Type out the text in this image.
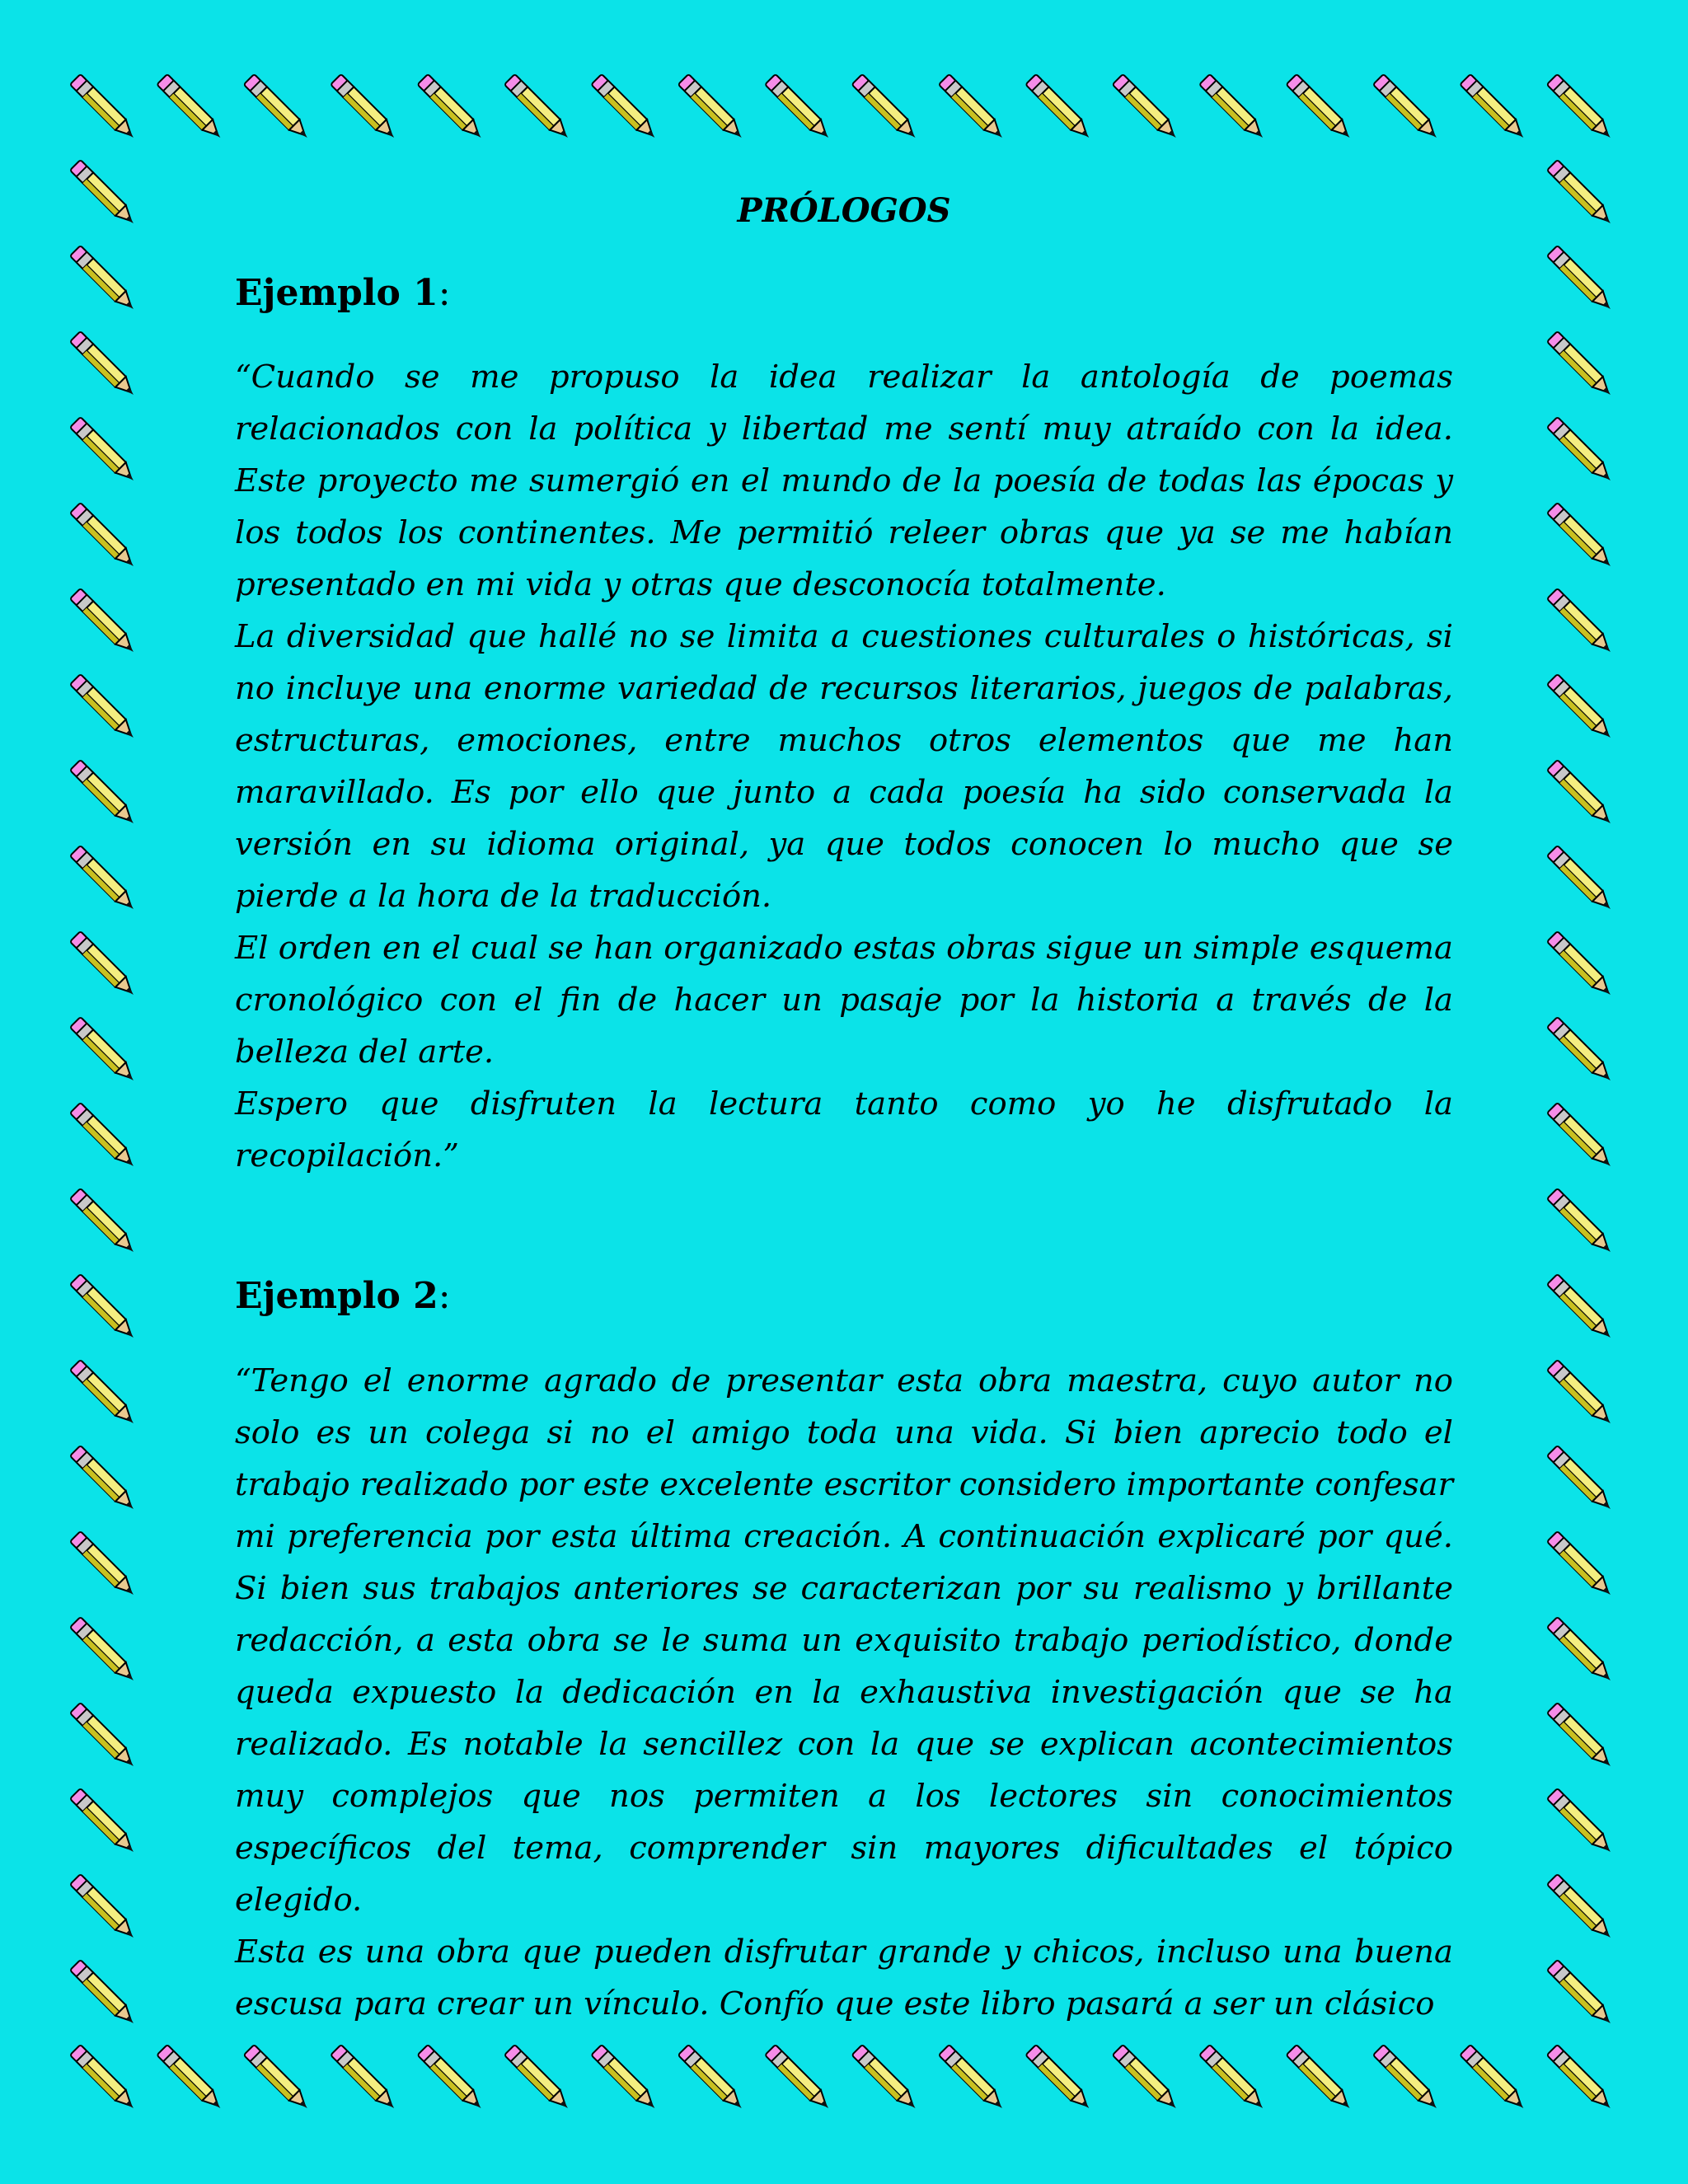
PRÓLOGOS
Ejemplo 1:

“Cuando se me propuso la idea realizar la antología de poemas relacionados con la política y libertad me sentí muy atraído con la idea. Este proyecto me sumergió en el mundo de la poesía de todas las épocas y los todos los continentes. Me permitió releer obras que ya se me habían presentado en mi vida y otras que desconocía totalmente.

La diversidad que hallé no se limita a cuestiones culturales o históricas, si no incluye una enorme variedad de recursos literarios, juegos de palabras, estructuras, emociones, entre muchos otros elementos que me han maravillado. Es por ello que junto a cada poesía ha sido conservada la versión en su idioma original, ya que todos conocen lo mucho que se pierde a la hora de la traducción.

El orden en el cual se han organizado estas obras sigue un simple esquema cronológico con el fin de hacer un pasaje por la historia a través de la belleza del arte.

Espero que disfruten la lectura tanto como yo he disfrutado la recopilación.”

Ejemplo 2:

“Tengo el enorme agrado de presentar esta obra maestra, cuyo autor no solo es un colega si no el amigo toda una vida. Si bien aprecio todo el trabajo realizado por este excelente escritor considero importante confesar mi preferencia por esta última creación. A continuación explicaré por qué. Si bien sus trabajos anteriores se caracterizan por su realismo y brillante redacción, a esta obra se le suma un exquisito trabajo periodístico, donde queda expuesto la dedicación en la exhaustiva investigación que se ha realizado. Es notable la sencillez con la que se explican acontecimientos muy complejos que nos permiten a los lectores sin conocimientos específicos del tema, comprender sin mayores dificultades el tópico elegido.

Esta es una obra que pueden disfrutar grande y chicos, incluso una buena escusa para crear un vínculo. Confío que este libro pasará a ser un clásico
